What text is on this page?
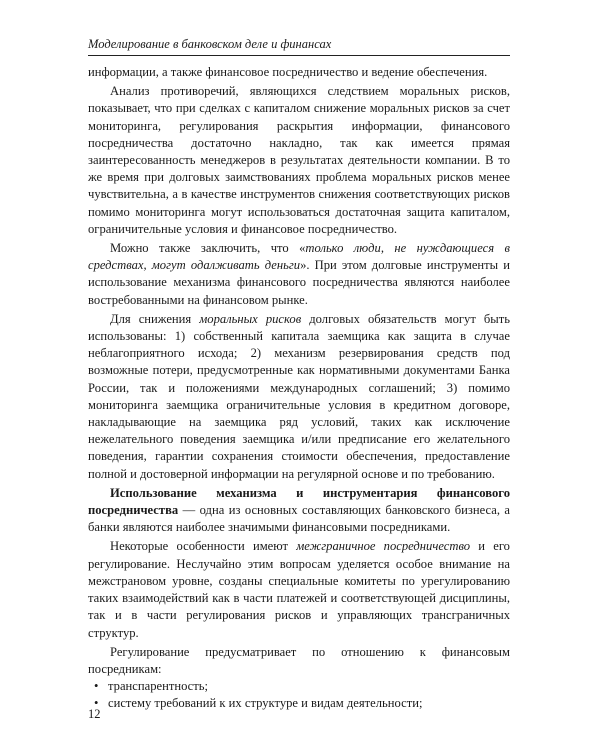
Моделирование в банковском деле и финансах

информации, а также финансовое посредничество и ведение обеспечения.

Анализ противоречий, являющихся следствием моральных рисков, показывает, что при сделках с капиталом снижение моральных рисков за счет мониторинга, регулирования раскрытия информации, финансового посредничества достаточно накладно, так как имеется прямая заинтересованность менеджеров в результатах деятельности компании. В то же время при долговых заимствованиях проблема моральных рисков менее чувствительна, а в качестве инструментов снижения соответствующих рисков помимо мониторинга могут использоваться достаточная защита капиталом, ограничительные условия и финансовое посредничество.

Можно также заключить, что «только люди, не нуждающиеся в средствах, могут одалживать деньги». При этом долговые инструменты и использование механизма финансового посредничества являются наиболее востребованными на финансовом рынке.

Для снижения моральных рисков долговых обязательств могут быть использованы: 1) собственный капитала заемщика как защита в случае неблагоприятного исхода; 2) механизм резервирования средств под возможные потери, предусмотренные как нормативными документами Банка России, так и положениями международных соглашений; 3) помимо мониторинга заемщика ограничительные условия в кредитном договоре, накладывающие на заемщика ряд условий, таких как исключение нежелательного поведения заемщика и/или предписание его желательного поведения, гарантии сохранения стоимости обеспечения, предоставление полной и достоверной информации на регулярной основе и по требованию.

Использование механизма и инструментария финансового посредничества — одна из основных составляющих банковского бизнеса, а банки являются наиболее значимыми финансовыми посредниками.

Некоторые особенности имеют межграничное посредничество и его регулирование. Неслучайно этим вопросам уделяется особое внимание на межстрановом уровне, созданы специальные комитеты по урегулированию таких взаимодействий как в части платежей и соответствующей дисциплины, так и в части регулирования рисков и управляющих трансграничных структур.

Регулирование предусматривает по отношению к финансовым посредникам:

• транспарентность;
• систему требований к их структуре и видам деятельности;
12
